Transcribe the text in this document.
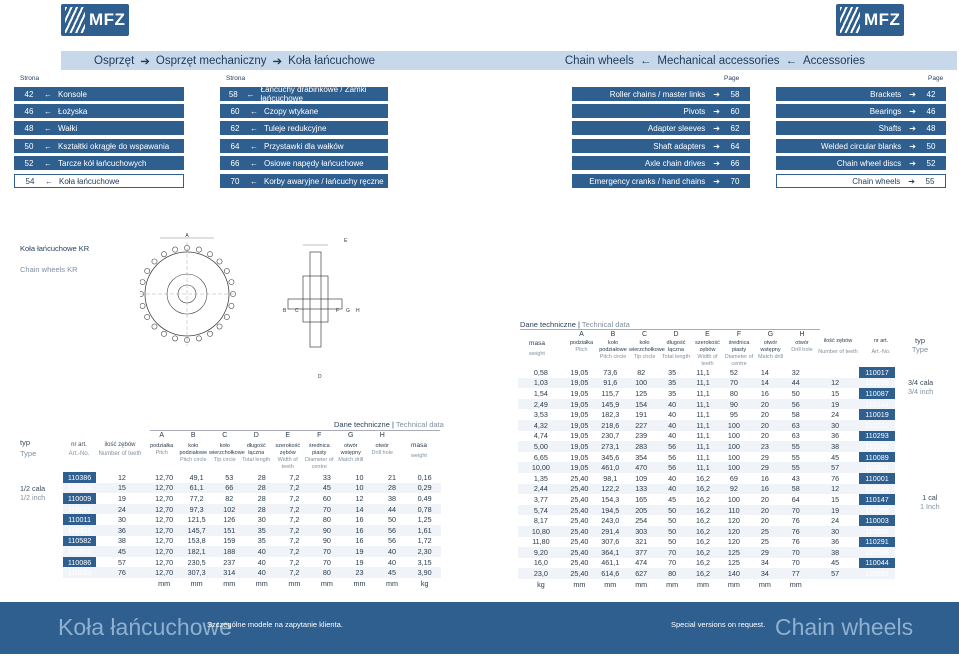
MFZ	MFZ
Osprzęt ➔ Osprzęt mechaniczny ➔ Koła łańcuchowe	Chain wheels ← Mechanical accessories ← Accessories
Strona	Strona	Page	Page
42	← Konsole
46	← Łożyska
48	← Wałki
50	← Kształtki okrągłe do wspawania
52	← Tarcze kół łańcuchowych
54	← Koła łańcuchowe
58	← Łańcuchy drabinkowe / Zamki łańcuchowe
60	← Czopy wtykane
62	← Tuleje redukcyjne
64	← Przystawki dla wałków
66	← Osiowe napędy łańcuchowe
70	← Korby awaryjne / łańcuchy ręczne
Roller chains / master links ➔	58
Pivots ➔	60
Adapter sleeves ➔	62
Shaft adapters ➔	64
Axle chain drives ➔	66
Emergency cranks / hand chains ➔	70
Brackets ➔	42
Bearings ➔	46
Shafts ➔	48
Welded circular blanks ➔	50
Chain wheel discs ➔	52
Chain wheels ➔	55
Koła łańcuchowe KR
Chain wheels KR
A
E
B C	F G H
D
Dane techniczne | Technical data
typ
Type
nr art.
Art.-No.
ilość zębów
Number of teeth
A
podziałka
Pitch
B
koło podziałowe
Pitch circle
C
koło wierzchołkowe
Tip circle
D
długość łączna
Total length
E
szerokość zębów
Width of teeth
F
średnica piasty
Diameter of centre
G
otwór wstępny
Match drill
H
otwór
Drill hole
masa
weight
110386	12	12,70	49,1	53	28	7,2	33	10	21	0,16
110234	15	12,70	61,1	66	28	7,2	45	10	28	0,29
110009	19	12,70	77,2	82	28	7,2	60	12	38	0,49
110227	24	12,70	97,3	102	28	7,2	70	14	44	0,78
110011	30	12,70	121,5	126	30	7,2	80	16	50	1,25
110321	36	12,70	145,7	151	35	7,2	90	16	56	1,61
110582	38	12,70	153,8	159	35	7,2	90	16	56	1,72
110013	45	12,70	182,1	188	40	7,2	70	19	40	2,30
110086	57	12,70	230,5	237	40	7,2	70	19	40	3,15
110583	76	12,70	307,3	314	40	7,2	80	23	45	3,90
		mm	mm	mm	mm	mm	mm	mm	mm	kg
1/2 cala
1/2 inch
Dane techniczne | Technical data
masa
weight
A
podziałka
Pitch
B
koło podziałowe
Pitch circle
C
koło wierzchołkowe
Tip circle
D
długość łączna
Total length
E
szerokość zębów
Width of teeth
F
średnica piasty
Diameter of centre
G
otwór wstępny
Match drill
H
otwór
Drill hole
ilość zębów
Number of teeth
nr art.
Art.-No.
0,58	19,05	73,6	82	35	11,1	52	14	32		110017
1,03	19,05	91,6	100	35	11,1	70	14	44	12	110039
1,54	19,05	115,7	125	35	11,1	80	16	50	15	110087
2,49	19,05	145,9	154	40	11,1	90	20	56	19	110144
3,53	19,05	182,3	191	40	11,1	95	20	58	24	110019
4,32	19,05	218,6	227	40	11,1	100	20	63	30	110020
4,74	19,05	230,7	239	40	11,1	100	20	63	36	110293
5,00	19,05	273,1	283	56	11,1	100	23	55	38	110088
6,65	19,05	345,6	354	56	11,1	100	29	55	45	110089
10,00	19,05	461,0	470	56	11,1	100	29	55	57	110584
1,35	25,40	98,1	109	40	16,2	69	16	43	76	110001
2,44	25,40	122,2	133	40	16,2	92	16	58	12	110033
3,77	25,40	154,3	165	45	16,2	100	20	64	15	110147
5,74	25,40	194,5	205	50	16,2	110	20	70	19	110265
8,17	25,40	243,0	254	50	16,2	120	20	76	24	110003
10,80	25,40	291,4	303	50	16,2	120	25	76	30	110006
11,80	25,40	307,6	321	50	16,2	120	25	76	36	110291
9,20	25,40	364,1	377	70	16,2	125	29	70	38	110036
16,0	25,40	461,1	474	70	16,2	125	34	70	45	110044
23,0	25,40	614,6	627	80	16,2	140	34	77	57	110585
kg	mm	mm	mm	mm	mm	mm	mm	mm		
typ
Type
3/4 cala
3/4 inch
1 cal
1 Inch
Koła łańcuchowe
Szczególne modele na zapytanie klienta.	Special versions on request. Chain wheels
